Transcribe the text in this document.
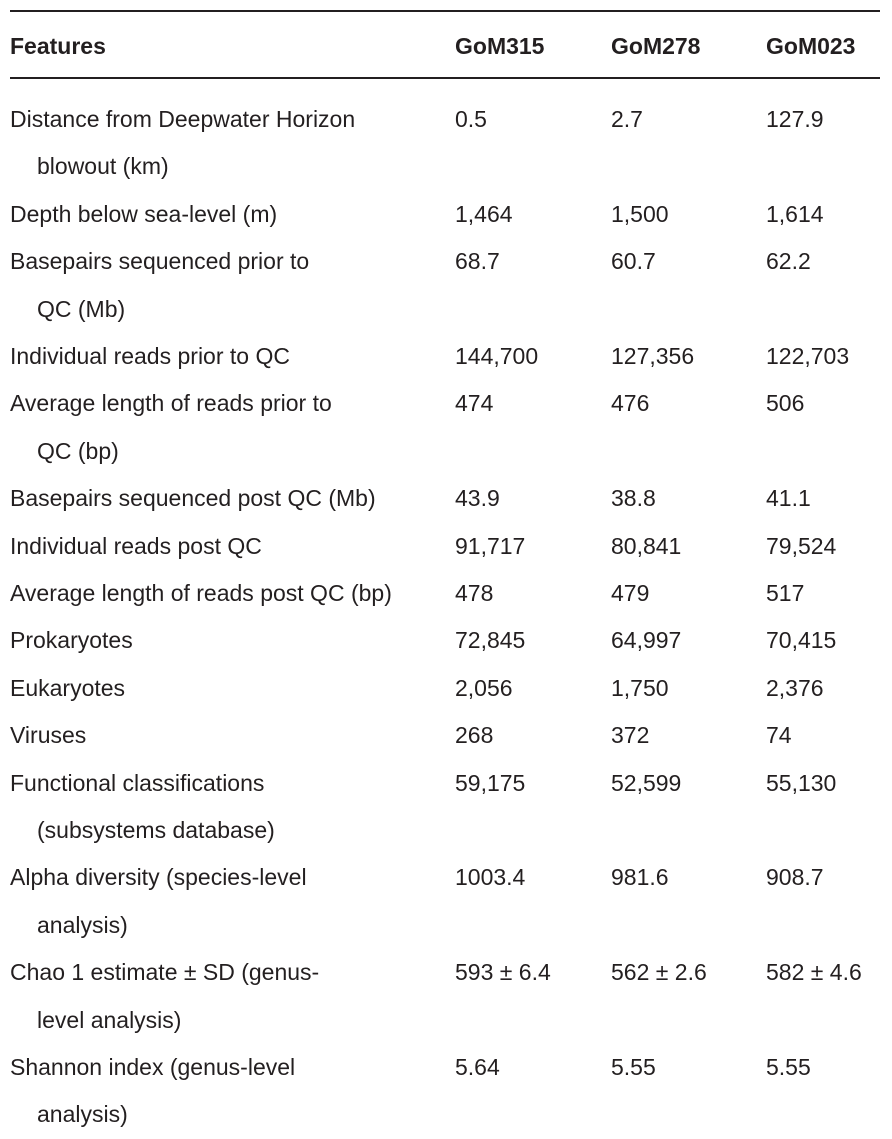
Features	GoM315	GoM278	GoM023
Distance from Deepwater Horizon
blowout (km)
0.5	2.7	127.9
Depth below sea-level (m)	1,464	1,500	1,614
Basepairs sequenced prior to
QC (Mb)
68.7	60.7	62.2
Individual reads prior to QC	144,700	127,356	122,703
Average length of reads prior to
QC (bp)
474	476	506
Basepairs sequenced post QC (Mb)	43.9	38.8	41.1
Individual reads post QC	91,717	80,841	79,524
Average length of reads post QC (bp)	478	479	517
Prokaryotes	72,845	64,997	70,415
Eukaryotes	2,056	1,750	2,376
Viruses	268	372	74
Functional classifications
(subsystems database)
59,175	52,599	55,130
Alpha diversity (species-level
analysis)
1003.4	981.6	908.7
Chao 1 estimate ± SD (genus-
level analysis)
593 ± 6.4	562 ± 2.6	582 ± 4.6
Shannon index (genus-level
analysis)
5.64	5.55	5.55
